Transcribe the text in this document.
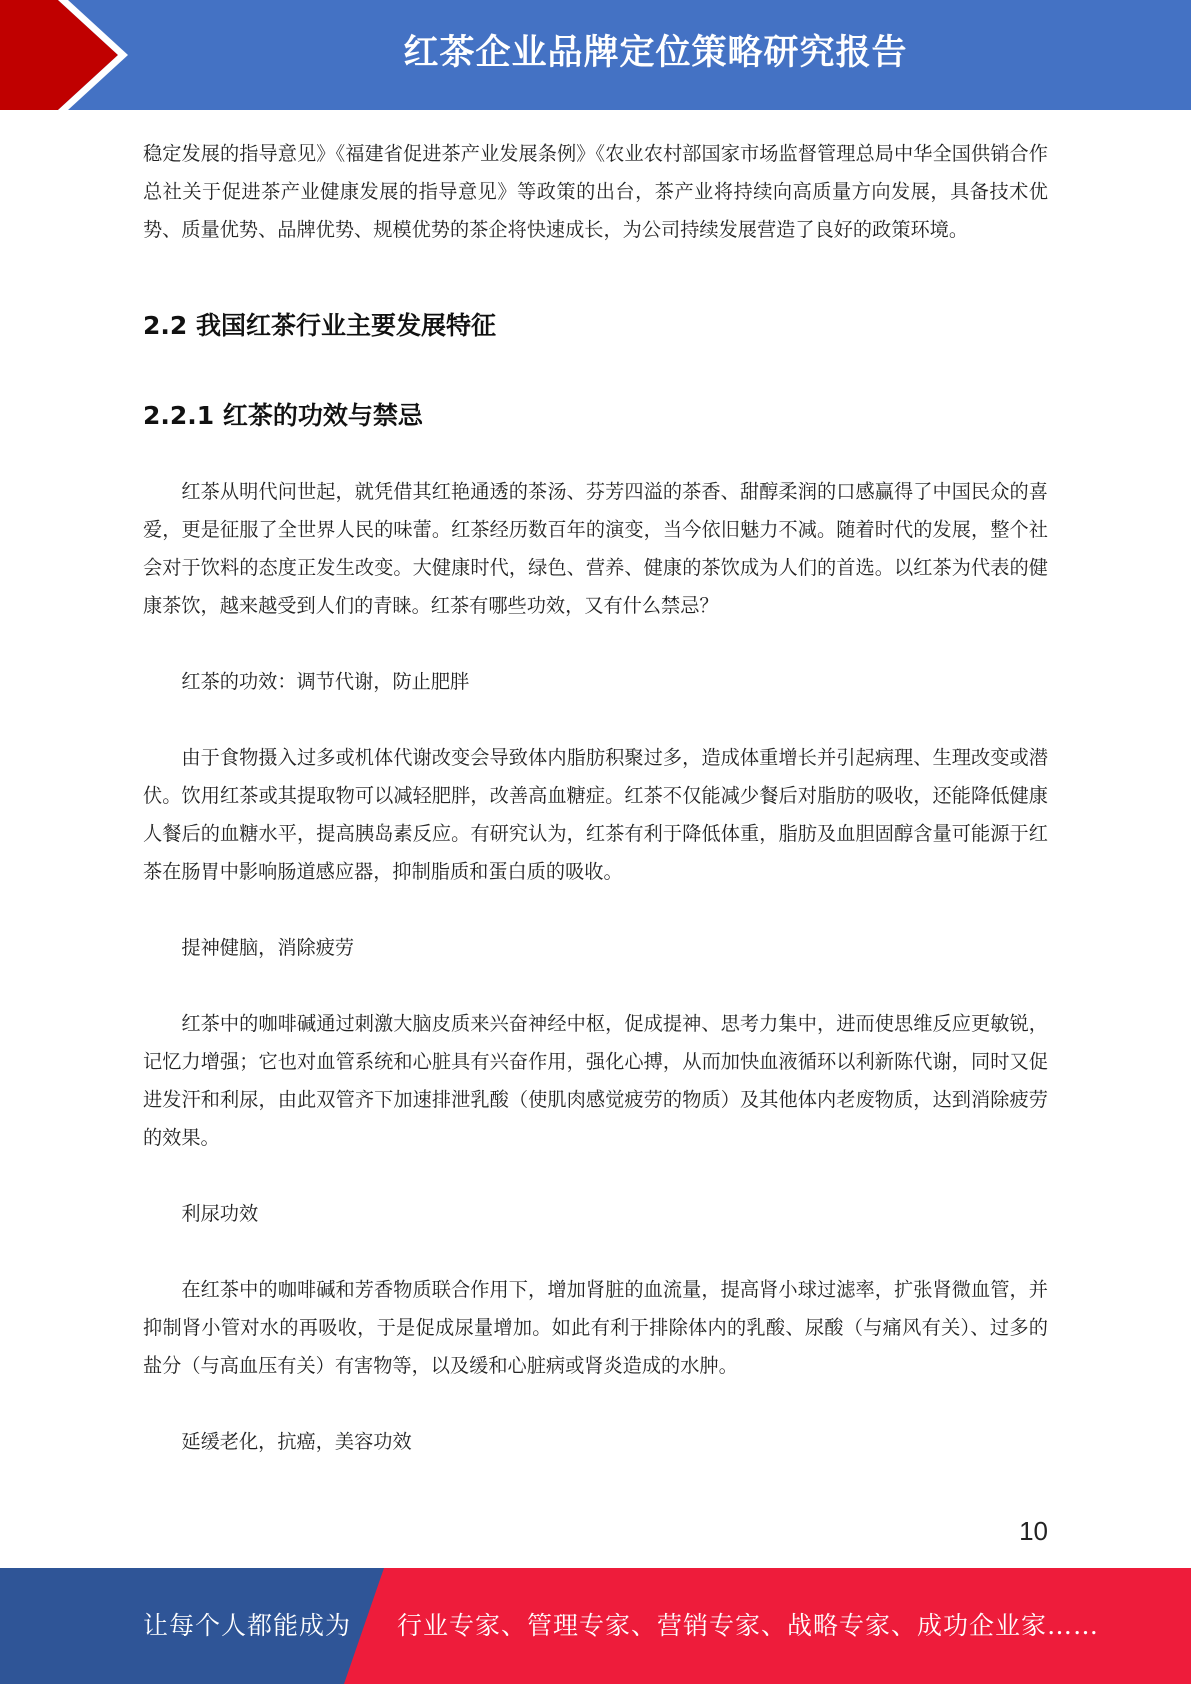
红茶企业品牌定位策略研究报告

稳定发展的指导意见》《福建省促进茶产业发展条例》《农业农村部国家市场监督管理总局中华全国供销合作总社关于促进茶产业健康发展的指导意见》等政策的出台，茶产业将持续向高质量方向发展，具备技术优势、质量优势、品牌优势、规模优势的茶企将快速成长，为公司持续发展营造了良好的政策环境。

2.2 我国红茶行业主要发展特征
2.2.1 红茶的功效与禁忌

红茶从明代问世起，就凭借其红艳通透的茶汤、芬芳四溢的茶香、甜醇柔润的口感赢得了中国民众的喜爱，更是征服了全世界人民的味蕾。红茶经历数百年的演变，当今依旧魅力不减。随着时代的发展，整个社会对于饮料的态度正发生改变。大健康时代，绿色、营养、健康的茶饮成为人们的首选。以红茶为代表的健康茶饮，越来越受到人们的青睐。红茶有哪些功效，又有什么禁忌？

红茶的功效：调节代谢，防止肥胖

由于食物摄入过多或机体代谢改变会导致体内脂肪积聚过多，造成体重增长并引起病理、生理改变或潜伏。饮用红茶或其提取物可以减轻肥胖，改善高血糖症。红茶不仅能减少餐后对脂肪的吸收，还能降低健康人餐后的血糖水平，提高胰岛素反应。有研究认为，红茶有利于降低体重，脂肪及血胆固醇含量可能源于红茶在肠胃中影响肠道感应器，抑制脂质和蛋白质的吸收。

提神健脑，消除疲劳

红茶中的咖啡碱通过刺激大脑皮质来兴奋神经中枢，促成提神、思考力集中，进而使思维反应更敏锐，记忆力增强；它也对血管系统和心脏具有兴奋作用，强化心搏，从而加快血液循环以利新陈代谢，同时又促进发汗和利尿，由此双管齐下加速排泄乳酸（使肌肉感觉疲劳的物质）及其他体内老废物质，达到消除疲劳的效果。

利尿功效

在红茶中的咖啡碱和芳香物质联合作用下，增加肾脏的血流量，提高肾小球过滤率，扩张肾微血管，并抑制肾小管对水的再吸收，于是促成尿量增加。如此有利于排除体内的乳酸、尿酸（与痛风有关）、过多的盐分（与高血压有关）有害物等，以及缓和心脏病或肾炎造成的水肿。

延缓老化，抗癌，美容功效

10
让每个人都能成为 行业专家、管理专家、营销专家、战略专家、成功企业家……
